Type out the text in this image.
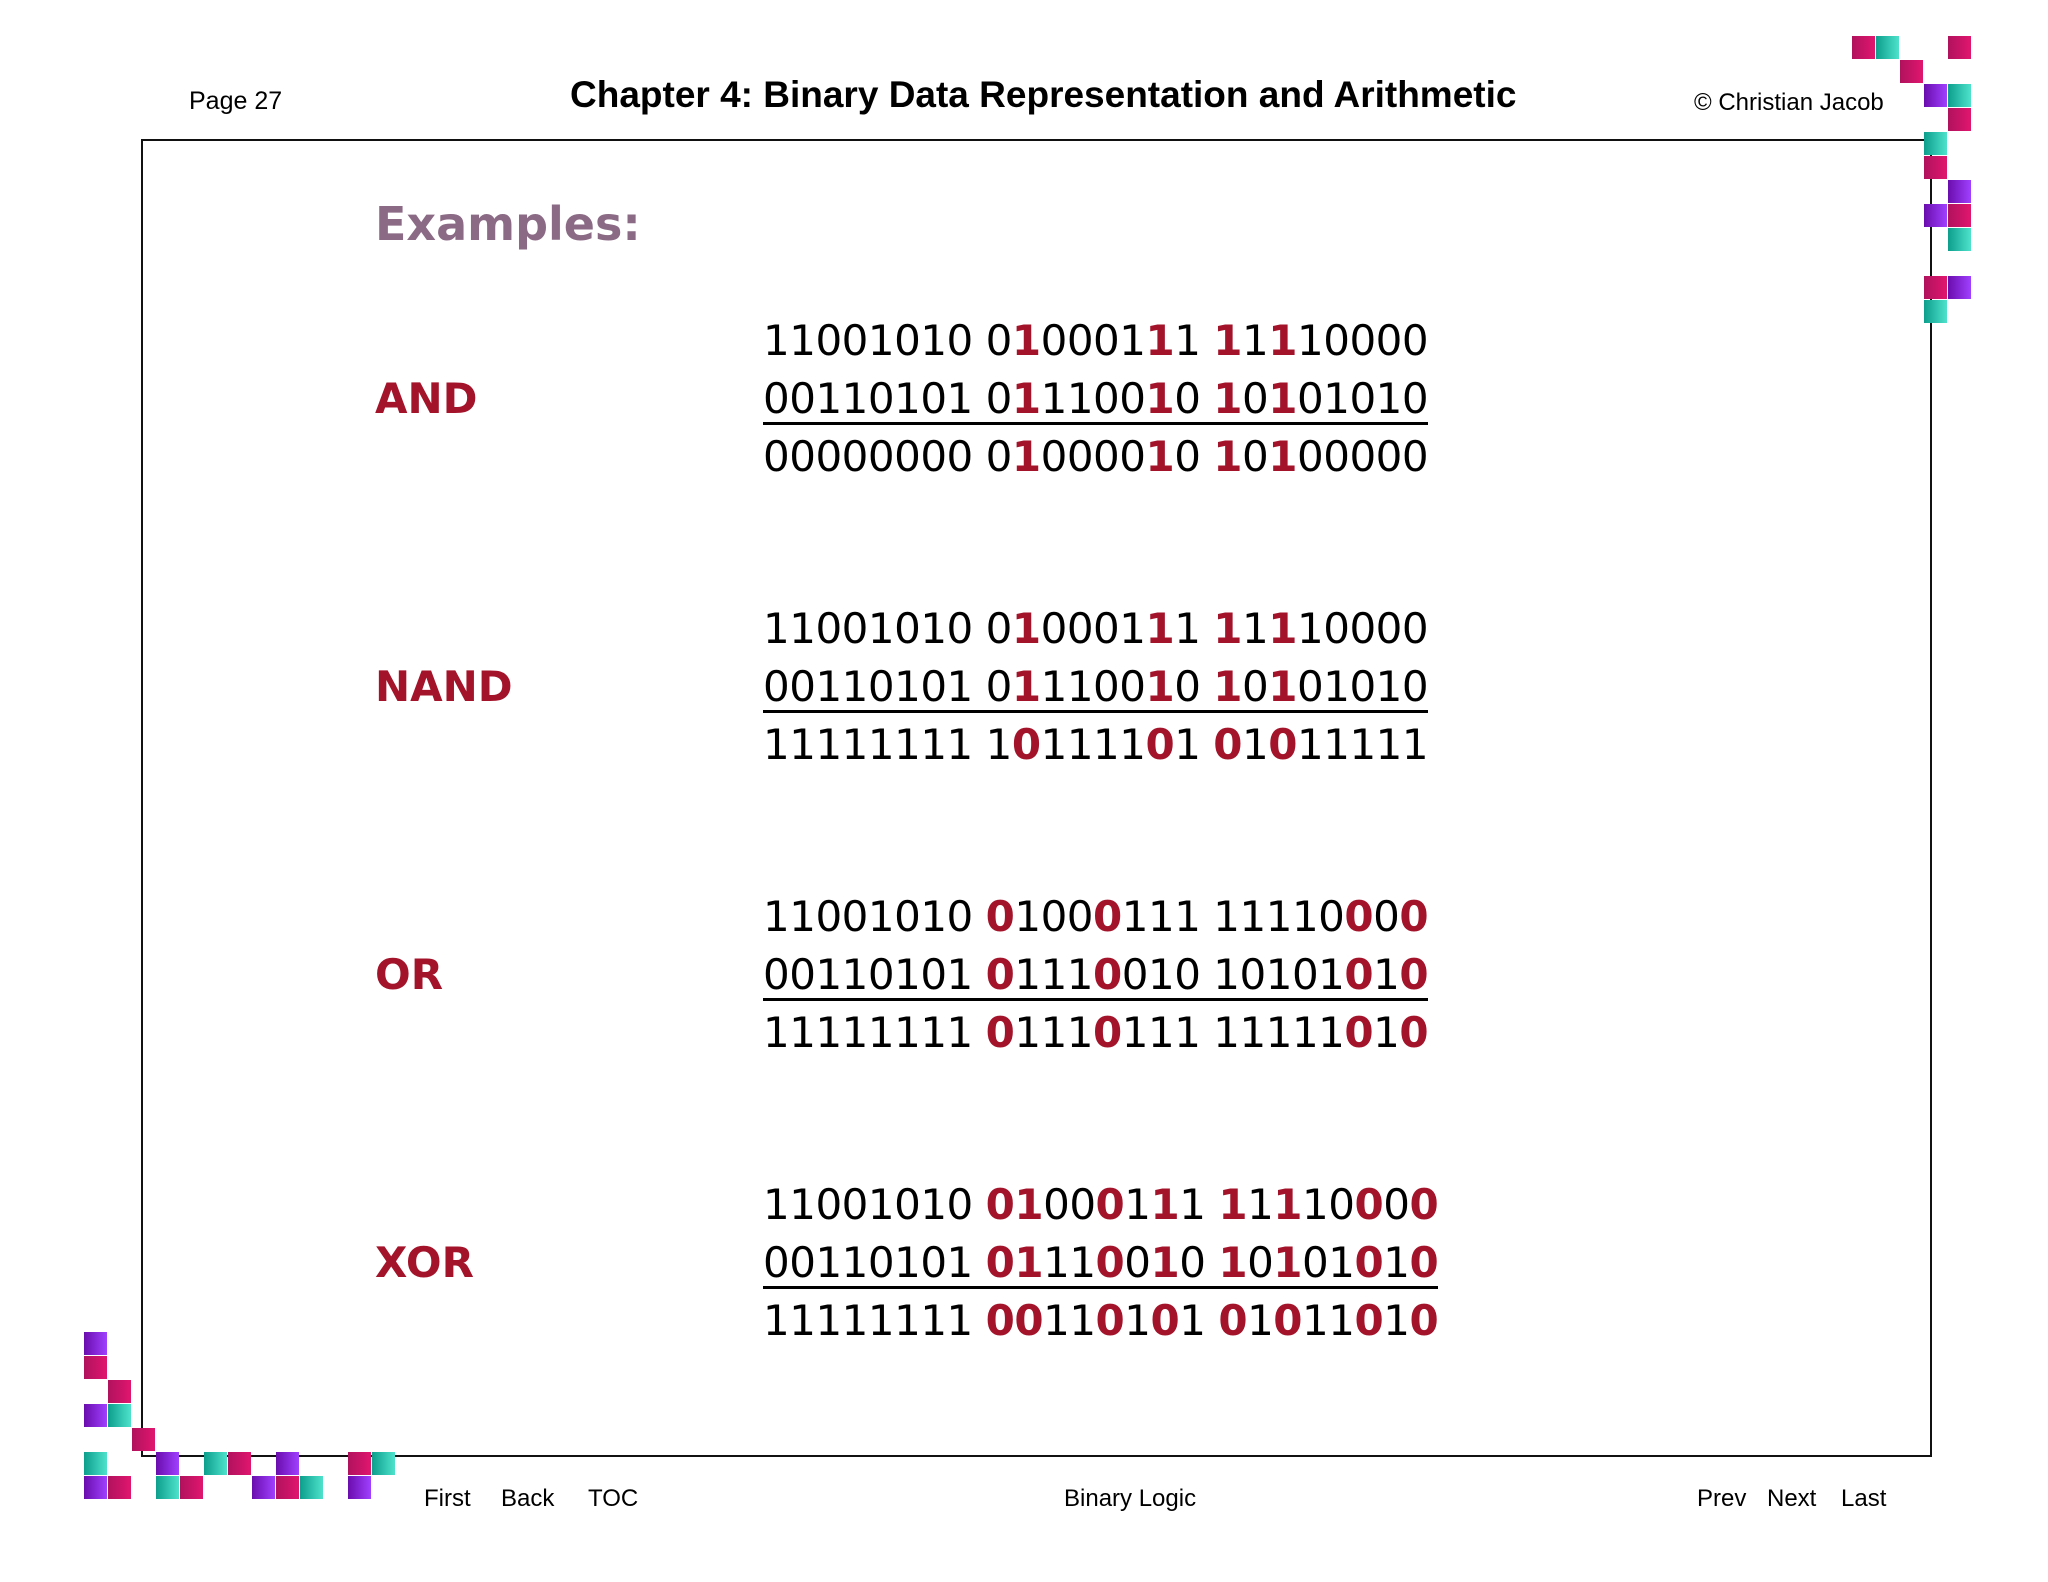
Page 27	Chapter 4: Binary Data Representation and Arithmetic	© Christian Jacob
Examples:
AND
11001010 01000111 11110000
00110101 01110010 10101010
00000000 01000010 10100000
NAND
11001010 01000111 11110000
00110101 01110010 10101010
11111111 10111101 01011111
OR
11001010 01000111 11110000
00110101 01110010 10101010
11111111 01110111 11111010
XOR
11001010 01000111 11110000
00110101 01110010 10101010
11111111 00110101 01011010
First Back TOC	Binary Logic	Prev Next Last
